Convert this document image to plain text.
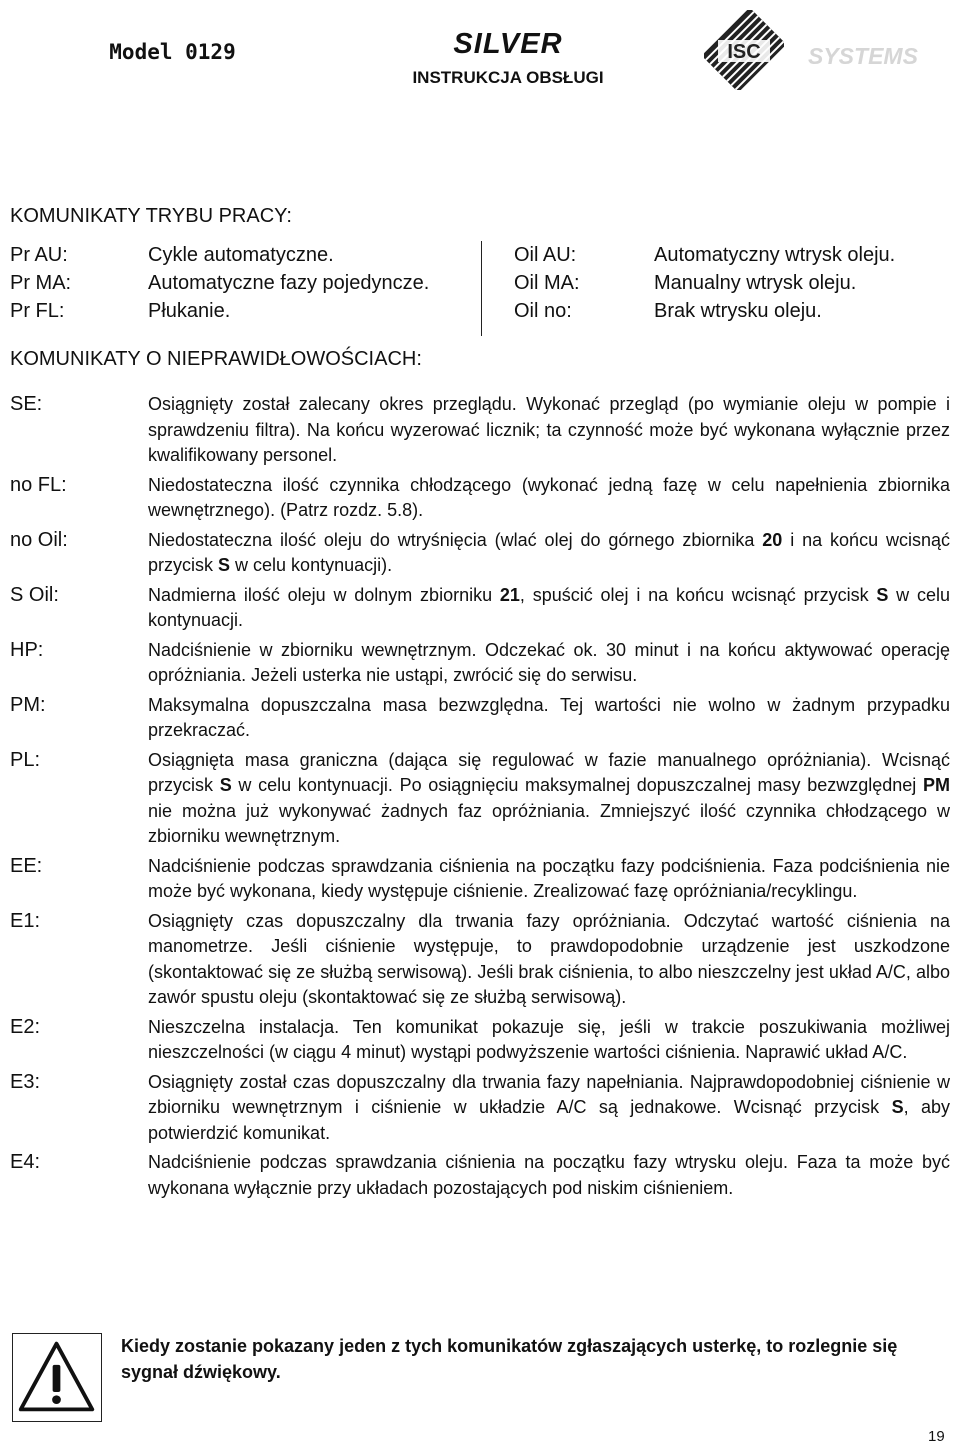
Model 0129	SILVER
INSTRUKCJA OBSŁUGI
ISC SYSTEMS
KOMUNIKATY TRYBU PRACY:
Pr AU:	Cykle automatyczne.	Oil AU:	Automatyczny wtrysk oleju.
Pr MA:	Automatyczne fazy pojedyncze.	Oil MA:	Manualny wtrysk oleju.
Pr FL:	Płukanie.	Oil no:	Brak wtrysku oleju.
KOMUNIKATY O NIEPRAWIDŁOWOŚCIACH:
SE:	Osiągnięty został zalecany okres przeglądu. Wykonać przegląd (po wymianie oleju w pompie i sprawdzeniu filtra). Na końcu wyzerować licznik; ta czynność może być wykonana wyłącznie przez kwalifikowany personel.
no FL:	Niedostateczna ilość czynnika chłodzącego (wykonać jedną fazę w celu napełnienia zbiornika wewnętrznego). (Patrz rozdz. 5.8).
no Oil:	Niedostateczna ilość oleju do wtryśnięcia (wlać olej do górnego zbiornika 20 i na końcu wcisnąć przycisk S w celu kontynuacji).
S Oil:	Nadmierna ilość oleju w dolnym zbiorniku 21, spuścić olej i na końcu wcisnąć przycisk S w celu kontynuacji.
HP:	Nadciśnienie w zbiorniku wewnętrznym. Odczekać ok. 30 minut i na końcu aktywować operację opróżniania. Jeżeli usterka nie ustąpi, zwrócić się do serwisu.
PM:	Maksymalna dopuszczalna masa bezwzględna. Tej wartości nie wolno w żadnym przypadku przekraczać.
PL:	Osiągnięta masa graniczna (dająca się regulować w fazie manualnego opróżniania). Wcisnąć przycisk S w celu kontynuacji. Po osiągnięciu maksymalnej dopuszczalnej masy bezwzględnej PM nie można już wykonywać żadnych faz opróżniania. Zmniejszyć ilość czynnika chłodzącego w zbiorniku wewnętrznym.
EE:	Nadciśnienie podczas sprawdzania ciśnienia na początku fazy podciśnienia. Faza podciśnienia nie może być wykonana, kiedy występuje ciśnienie. Zrealizować fazę opróżniania/recyklingu.
E1:	Osiągnięty czas dopuszczalny dla trwania fazy opróżniania. Odczytać wartość ciśnienia na manometrze. Jeśli ciśnienie występuje, to prawdopodobnie urządzenie jest uszkodzone (skontaktować się ze służbą serwisową). Jeśli brak ciśnienia, to albo nieszczelny jest układ A/C, albo zawór spustu oleju (skontaktować się ze służbą serwisową).
E2:	Nieszczelna instalacja. Ten komunikat pokazuje się, jeśli w trakcie poszukiwania możliwej nieszczelności (w ciągu 4 minut) wystąpi podwyższenie wartości ciśnienia. Naprawić układ A/C.
E3:	Osiągnięty został czas dopuszczalny dla trwania fazy napełniania. Najprawdopodobniej ciśnienie w zbiorniku wewnętrznym i ciśnienie w układzie A/C są jednakowe. Wcisnąć przycisk S, aby potwierdzić komunikat.
E4:	Nadciśnienie podczas sprawdzania ciśnienia na początku fazy wtrysku oleju. Faza ta może być wykonana wyłącznie przy układach pozostających pod niskim ciśnieniem.
Kiedy zostanie pokazany jeden z tych komunikatów zgłaszających usterkę, to rozlegnie się sygnał dźwiękowy.
19
